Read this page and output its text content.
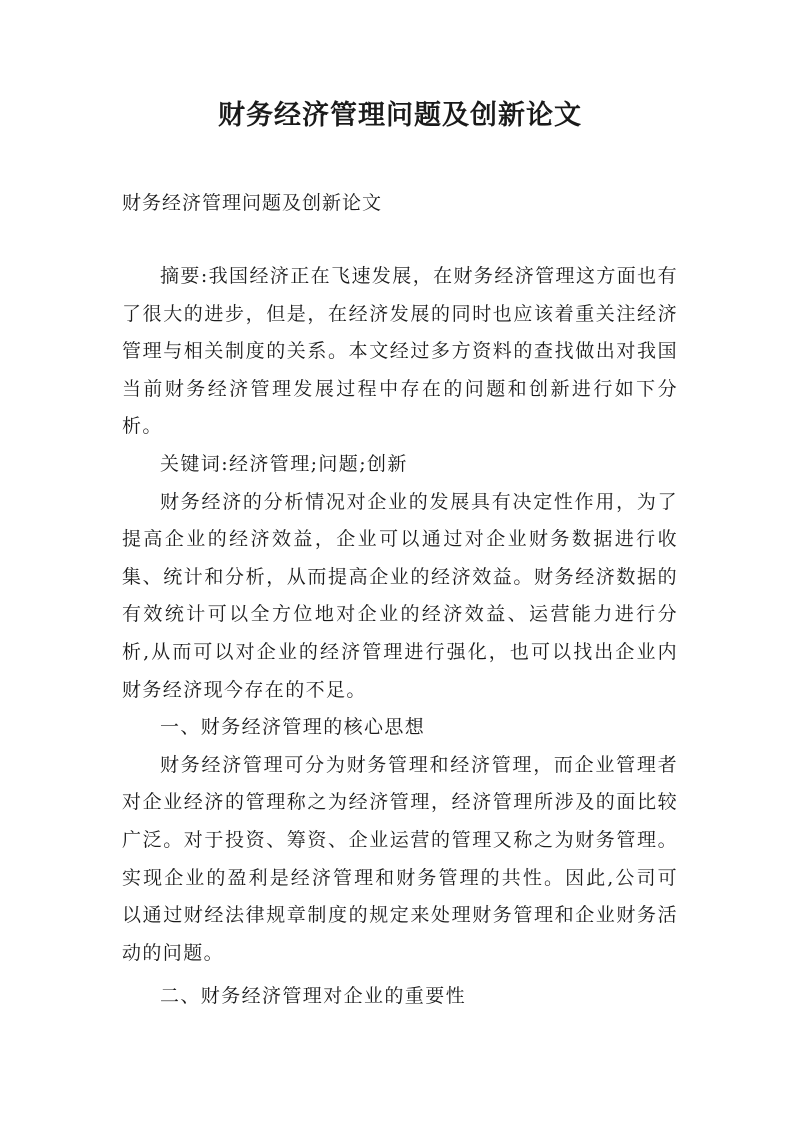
财务经济管理问题及创新论文
财务经济管理问题及创新论文

摘要:我国经济正在飞速发展，在财务经济管理这方面也有了很大的进步，但是，在经济发展的同时也应该着重关注经济管理与相关制度的关系。本文经过多方资料的查找做出对我国当前财务经济管理发展过程中存在的问题和创新进行如下分析。

关键词:经济管理;问题;创新

财务经济的分析情况对企业的发展具有决定性作用，为了提高企业的经济效益，企业可以通过对企业财务数据进行收集、统计和分析，从而提高企业的经济效益。财务经济数据的有效统计可以全方位地对企业的经济效益、运营能力进行分析,从而可以对企业的经济管理进行强化，也可以找出企业内财务经济现今存在的不足。

一、财务经济管理的核心思想

财务经济管理可分为财务管理和经济管理，而企业管理者对企业经济的管理称之为经济管理，经济管理所涉及的面比较广泛。对于投资、筹资、企业运营的管理又称之为财务管理。实现企业的盈利是经济管理和财务管理的共性。因此,公司可以通过财经法律规章制度的规定来处理财务管理和企业财务活动的问题。

二、财务经济管理对企业的重要性
